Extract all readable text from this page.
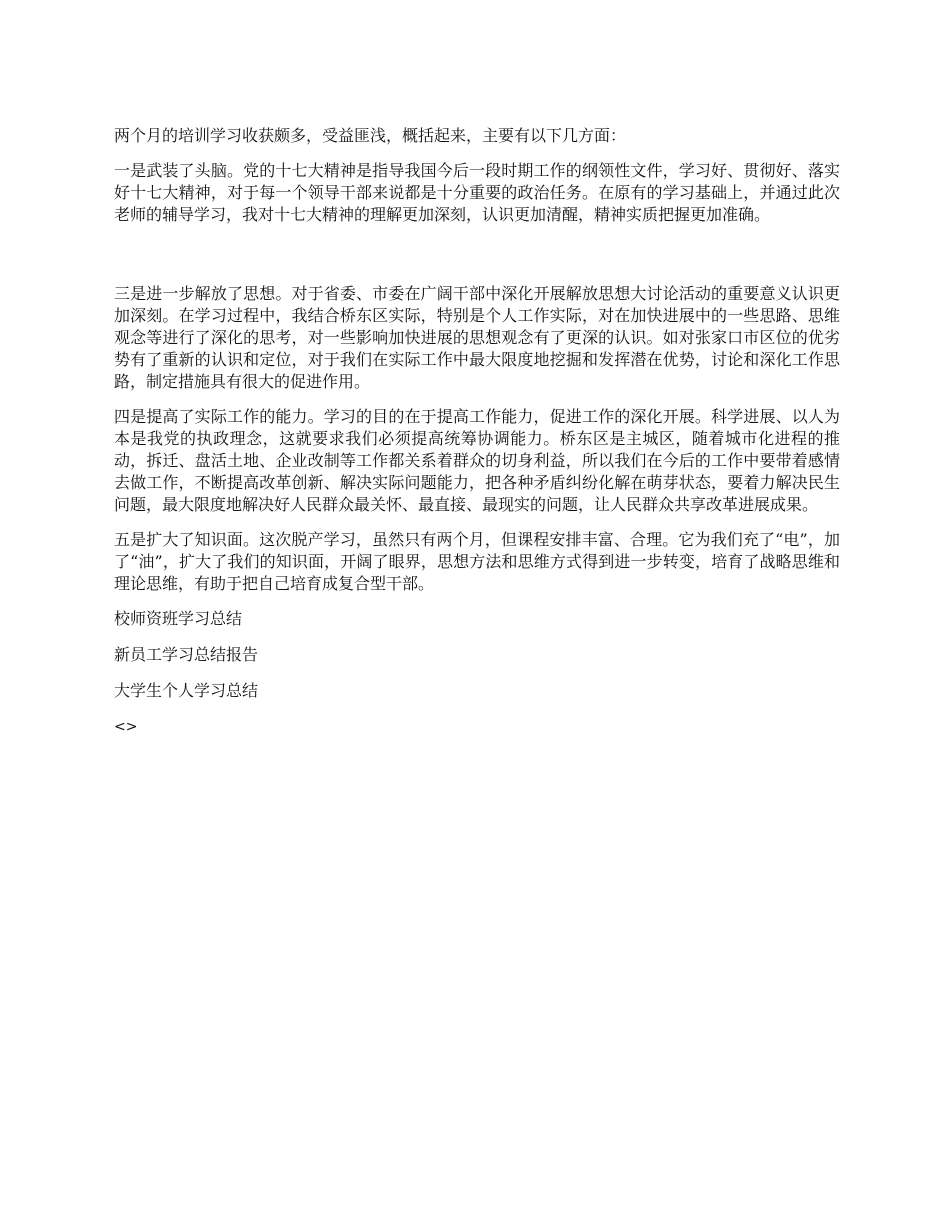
两个月的培训学习收获颇多，受益匪浅，概括起来，主要有以下几方面：

一是武装了头脑。党的十七大精神是指导我国今后一段时期工作的纲领性文件，学习好、贯彻好、落实好十七大精神，对于每一个领导干部来说都是十分重要的政治任务。在原有的学习基础上，并通过此次老师的辅导学习，我对十七大精神的理解更加深刻，认识更加清醒，精神实质把握更加准确。

三是进一步解放了思想。对于省委、市委在广阔干部中深化开展解放思想大讨论活动的重要意义认识更加深刻。在学习过程中，我结合桥东区实际，特别是个人工作实际，对在加快进展中的一些思路、思维观念等进行了深化的思考，对一些影响加快进展的思想观念有了更深的认识。如对张家口市区位的优劣势有了重新的认识和定位，对于我们在实际工作中最大限度地挖掘和发挥潜在优势，讨论和深化工作思路，制定措施具有很大的促进作用。

四是提高了实际工作的能力。学习的目的在于提高工作能力，促进工作的深化开展。科学进展、以人为本是我党的执政理念，这就要求我们必须提高统筹协调能力。桥东区是主城区，随着城市化进程的推动，拆迁、盘活土地、企业改制等工作都关系着群众的切身利益，所以我们在今后的工作中要带着感情去做工作，不断提高改革创新、解决实际问题能力，把各种矛盾纠纷化解在萌芽状态，要着力解决民生问题，最大限度地解决好人民群众最关怀、最直接、最现实的问题，让人民群众共享改革进展成果。

五是扩大了知识面。这次脱产学习，虽然只有两个月，但课程安排丰富、合理。它为我们充了“电”，加了“油”，扩大了我们的知识面，开阔了眼界，思想方法和思维方式得到进一步转变，培育了战略思维和理论思维，有助于把自己培育成复合型干部。

校师资班学习总结
新员工学习总结报告
大学生个人学习总结
<>
